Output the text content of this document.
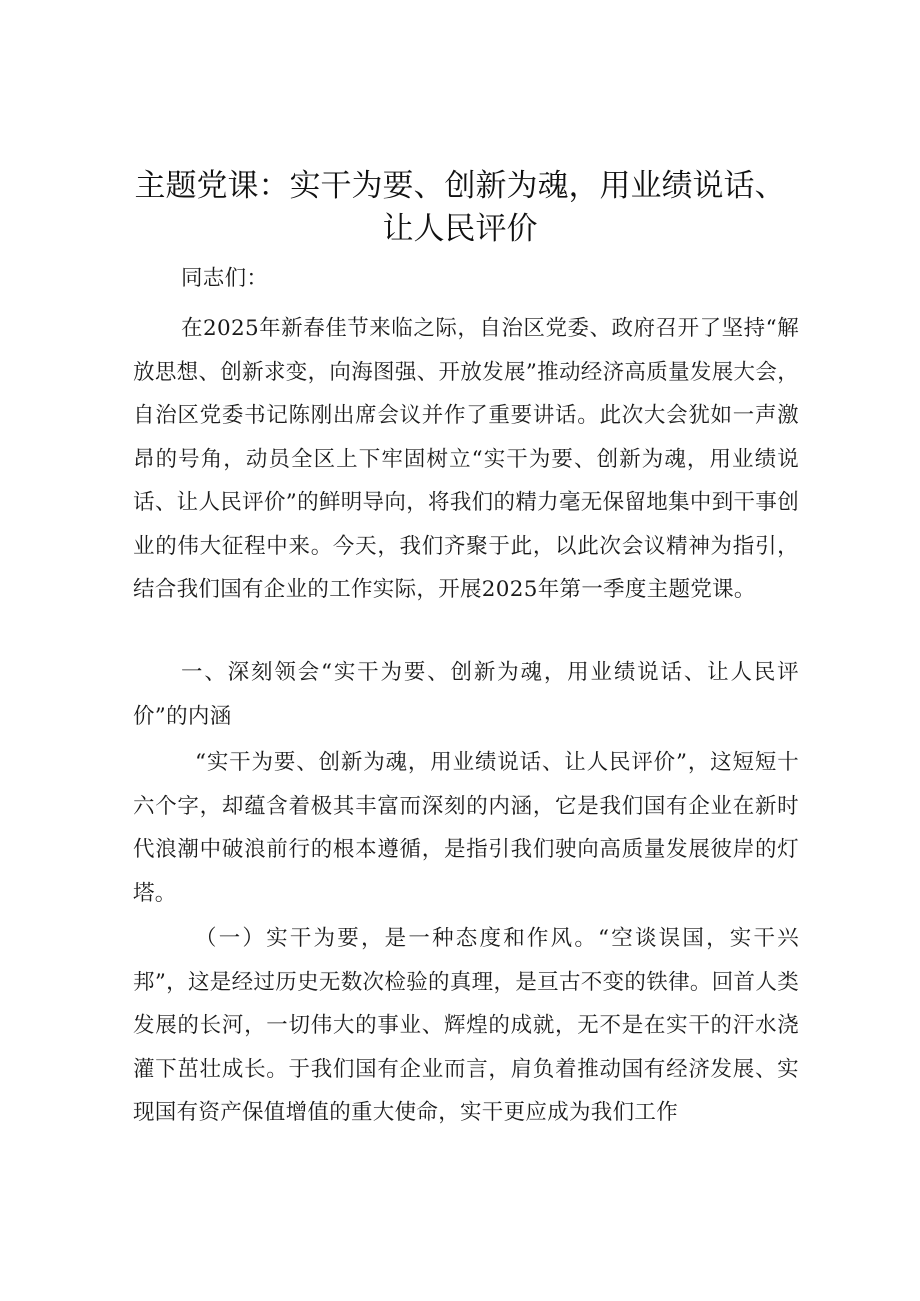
主题党课：实干为要、创新为魂，用业绩说话、让人民评价

同志们：

在2025年新春佳节来临之际，自治区党委、政府召开了坚持“解放思想、创新求变，向海图强、开放发展”推动经济高质量发展大会，自治区党委书记陈刚出席会议并作了重要讲话。此次大会犹如一声激昂的号角，动员全区上下牢固树立“实干为要、创新为魂，用业绩说话、让人民评价”的鲜明导向，将我们的精力毫无保留地集中到干事创业的伟大征程中来。今天，我们齐聚于此，以此次会议精神为指引，结合我们国有企业的工作实际，开展2025年第一季度主题党课。

一、深刻领会“实干为要、创新为魂，用业绩说话、让人民评价”的内涵

“实干为要、创新为魂，用业绩说话、让人民评价”，这短短十六个字，却蕴含着极其丰富而深刻的内涵，它是我们国有企业在新时代浪潮中破浪前行的根本遵循，是指引我们驶向高质量发展彼岸的灯塔。

（一）实干为要，是一种态度和作风。“空谈误国，实干兴邦”，这是经过历史无数次检验的真理，是亘古不变的铁律。回首人类发展的长河，一切伟大的事业、辉煌的成就，无不是在实干的汗水浇灌下茁壮成长。于我们国有企业而言，肩负着推动国有经济发展、实现国有资产保值增值的重大使命，实干更应成为我们工作
